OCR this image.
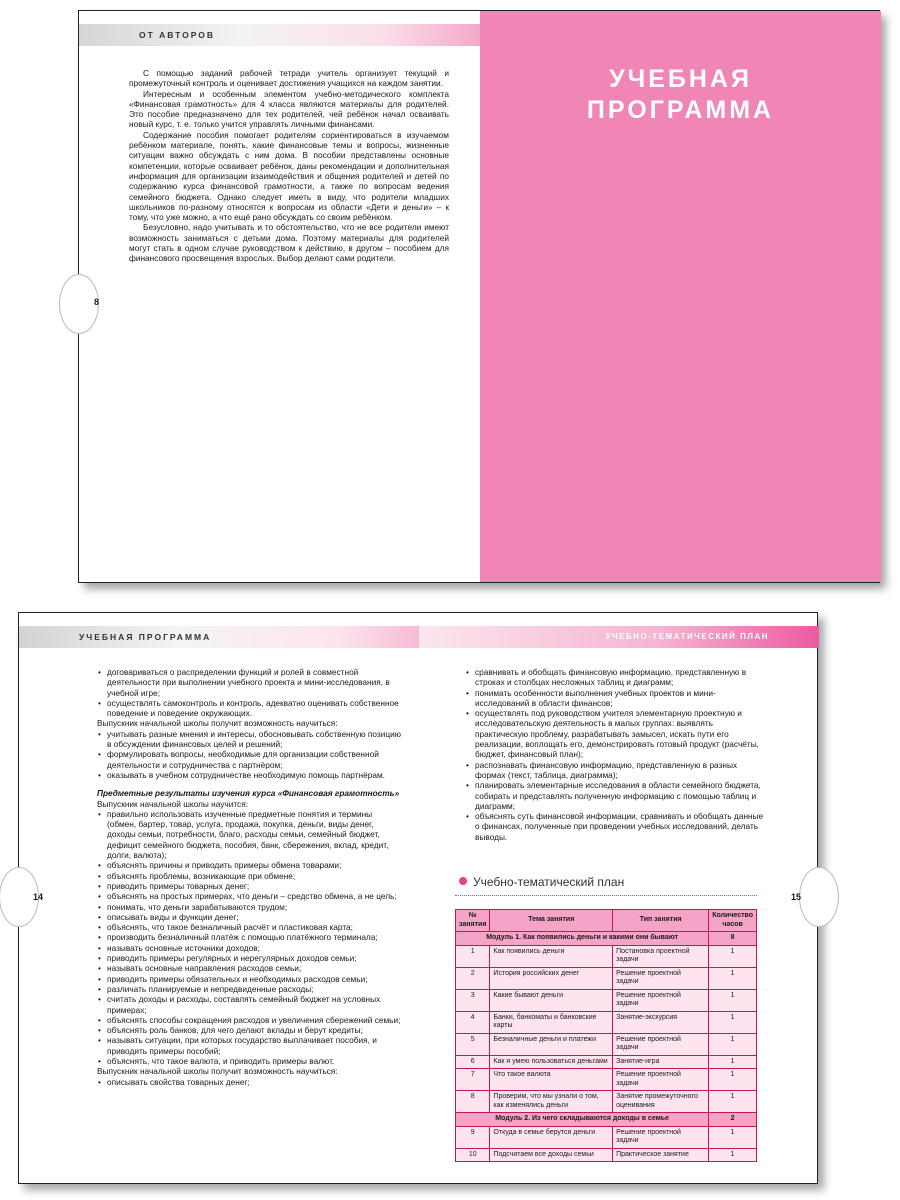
ОТ АВТОРОВ

С помощью заданий рабочей тетради учитель организует текущий и промежуточный контроль и оценивает достижения учащихся на каждом занятии.

Интересным и особенным элементом учебно-методического комплекта «Финансовая грамотность» для 4 класса являются материалы для родителей. Это пособие предназначено для тех родителей, чей ребёнок начал осваивать новый курс, т. е. только учится управлять личными финансами.

Содержание пособия помогает родителям сориентироваться в изучаемом ребёнком материале, понять, какие финансовые темы и вопросы, жизненные ситуации важно обсуждать с ним дома. В пособии представлены основные компетенции, которые осваивает ребёнок, даны рекомендации и дополнительная информация для организации взаимодействия и общения родителей и детей по содержанию курса финансовой грамотности, а также по вопросам ведения семейного бюджета. Однако следует иметь в виду, что родители младших школьников по-разному относятся к вопросам из области «Дети и деньги» – к тому, что уже можно, а что ещё рано обсуждать со своим ребёнком.

Безусловно, надо учитывать и то обстоятельство, что не все родители имеют возможность заниматься с детьми дома. Поэтому материалы для родителей могут стать в одном случае руководством к действию, в другом – пособием для финансового просвещения взрослых. Выбор делают сами родители.

8
УЧЕБНАЯ
ПРОГРАММА
УЧЕБНАЯ ПРОГРАММА	УЧЕБНО-ТЕМАТИЧЕСКИЙ ПЛАН
• договариваться о распределении функций и ролей в совместной деятельности при выполнении учебного проекта и мини-исследования, в учебной игре;
• осуществлять самоконтроль и контроль, адекватно оценивать собственное поведение и поведение окружающих.
Выпускник начальной школы получит возможность научиться:
• учитывать разные мнения и интересы, обосновывать собственную позицию в обсуждении финансовых целей и решений;
• формулировать вопросы, необходимые для организации собственной деятельности и сотрудничества с партнёром;
• оказывать в учебном сотрудничестве необходимую помощь партнёрам.
Предметные результаты изучения курса «Финансовая грамотность»
Выпускник начальной школы научится:
• правильно использовать изученные предметные понятия и термины (обмен, бартер, товар, услуга, продажа, покупка, деньги, виды денег, доходы семьи, потребности, благо, расходы семьи, семейный бюджет, дефицит семейного бюджета, пособия, банк, сбережения, вклад, кредит, долги, валюта);
• объяснять причины и приводить примеры обмена товарами;
• объяснять проблемы, возникающие при обмене;
• приводить примеры товарных денег;
• объяснять на простых примерах, что деньги – средство обмена, а не цель;
• понимать, что деньги зарабатываются трудом;
• описывать виды и функции денег;
• объяснять, что такое безналичный расчёт и пластиковая карта;
• производить безналичный платёж с помощью платёжного терминала;
• называть основные источники доходов;
• приводить примеры регулярных и нерегулярных доходов семьи;
• называть основные направления расходов семьи;
• приводить примеры обязательных и необходимых расходов семьи;
• различать планируемые и непредвиденные расходы;
• считать доходы и расходы, составлять семейный бюджет на условных примерах;
• объяснять способы сокращения расходов и увеличения сбережений семьи;
• объяснять роль банков, для чего делают вклады и берут кредиты;
• называть ситуации, при которых государство выплачивает пособия, и приводить примеры пособий;
• объяснять, что такое валюта, и приводить примеры валют.
Выпускник начальной школы получит возможность научиться:
• описывать свойства товарных денег;
• сравнивать и обобщать финансовую информацию, представленную в строках и столбцах несложных таблиц и диаграмм;
• понимать особенности выполнения учебных проектов и мини-исследований в области финансов;
• осуществлять под руководством учителя элементарную проектную и исследовательскую деятельность в малых группах: выявлять практическую проблему, разрабатывать замысел, искать пути его реализации, воплощать его, демонстрировать готовый продукт (расчёты, бюджет, финансовый план);
• распознавать финансовую информацию, представленную в разных формах (текст, таблица, диаграмма);
• планировать элементарные исследования в области семейного бюджета, собирать и представлять полученную информацию с помощью таблиц и диаграмм;
• объяснять суть финансовой информации, сравнивать и обобщать данные о финансах, полученные при проведении учебных исследований, делать выводы.
14	15
Учебно-тематический план
№ занятия	Тема занятия	Тип занятия	Количество часов
Модуль 1. Как появились деньги и какими они бывают			8
1	Как появились деньги	Постановка проектной задачи	1
2	История российских денег	Решение проектной задачи	1
3	Какие бывают деньги	Решение проектной задачи	1
4	Банки, банкоматы и банковские карты	Занятие-экскурсия	1
5	Безналичные деньги и платежи	Решение проектной задачи	1
6	Как я умею пользоваться деньгами	Занятие-игра	1
7	Что такое валюта	Решение проектной задачи	1
8	Проверим, что мы узнали о том, как изменялись деньги	Занятие промежуточного оценивания	1
Модуль 2. Из чего складываются доходы в семье			2
9	Откуда в семье берутся деньги	Решение проектной задачи	1
10	Подсчитаем все доходы семьи	Практическое занятие	1
